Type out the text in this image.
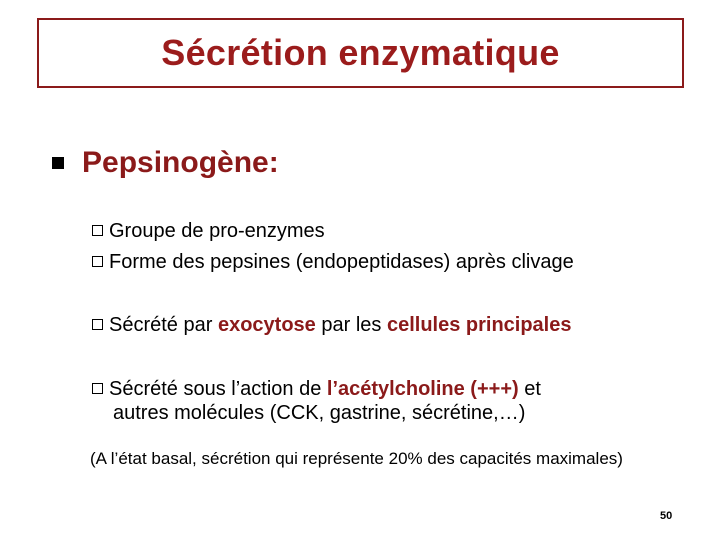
Sécrétion enzymatique
Pepsinogène:
Groupe de pro-enzymes
Forme des pepsines (endopeptidases) après clivage
Sécrété par exocytose par les cellules principales
Sécrété sous l’action de l’acétylcholine (+++) et
autres molécules (CCK, gastrine, sécrétine,…)
(A l’état basal, sécrétion qui représente 20% des capacités maximales)
50
